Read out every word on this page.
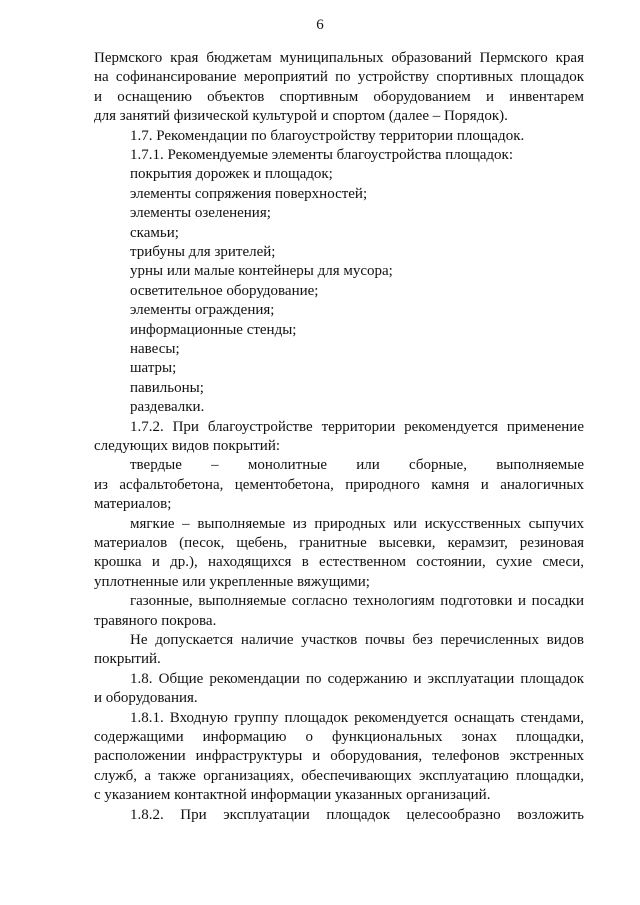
6
Пермского края бюджетам муниципальных образований Пермского края
на софинансирование мероприятий по устройству спортивных площадок
и оснащению объектов спортивным оборудованием и инвентарем
для занятий физической культурой и спортом (далее – Порядок).
1.7. Рекомендации по благоустройству территории площадок.
1.7.1. Рекомендуемые элементы благоустройства площадок:
покрытия дорожек и площадок;
элементы сопряжения поверхностей;
элементы озеленения;
скамьи;
трибуны для зрителей;
урны или малые контейнеры для мусора;
осветительное оборудование;
элементы ограждения;
информационные стенды;
навесы;
шатры;
павильоны;
раздевалки.
1.7.2. При благоустройстве территории рекомендуется применение
следующих видов покрытий:
твердые – монолитные или сборные, выполняемые
из асфальтобетона, цементобетона, природного камня и аналогичных
материалов;
мягкие – выполняемые из природных или искусственных сыпучих
материалов (песок, щебень, гранитные высевки, керамзит, резиновая
крошка и др.), находящихся в естественном состоянии, сухие смеси,
уплотненные или укрепленные вяжущими;
газонные, выполняемые согласно технологиям подготовки и посадки
травяного покрова.
Не допускается наличие участков почвы без перечисленных видов
покрытий.
1.8. Общие рекомендации по содержанию и эксплуатации площадок
и оборудования.
1.8.1. Входную группу площадок рекомендуется оснащать стендами,
содержащими информацию о функциональных зонах площадки,
расположении инфраструктуры и оборудования, телефонов экстренных
служб, а также организациях, обеспечивающих эксплуатацию площадки,
с указанием контактной информации указанных организаций.
1.8.2. При эксплуатации площадок целесообразно возложить
